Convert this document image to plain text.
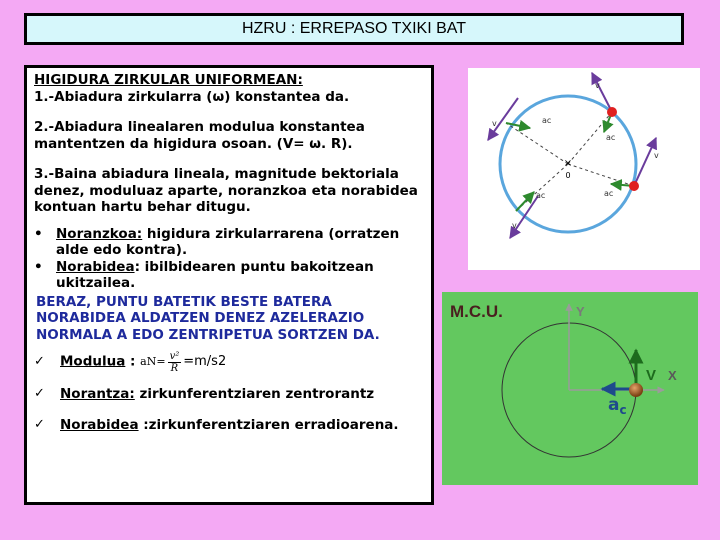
HZRU : ERREPASO TXIKI BAT

HIGIDURA ZIRKULAR UNIFORMEAN:

1.-Abiadura zirkularra (ω) konstantea da.

2.-Abiadura linealaren modulua konstantea

mantentzen da higidura osoan. (V= ω. R).

3.-Baina abiadura lineala, magnitude bektoriala

denez, moduluaz aparte, noranzkoa eta norabidea

kontuan hartu behar ditugu.

• Noranzkoa: higidura zirkularrarena (orratzen alde edo kontra).
• Norabidea: ibilbidearen puntu bakoitzean ukitzailea.

BERAZ, PUNTU BATETIK BESTE BATERA

NORABIDEA ALDATZEN DENEZ AZELERAZIO

NORMALA A EDO ZENTRIPETUA SORTZEN DA.

✓	Modulua : $aN= \frac{\text{v²}}{R} =m/s2$
✓	Norantza: zirkunferentziaren zentrorantz
✓	Norabidea :zirkunferentziaren erradioarena.
×
0
v
v
v
v
ac
ac
ac
ac
M.C.U.	Y
X
V
$a_c$
